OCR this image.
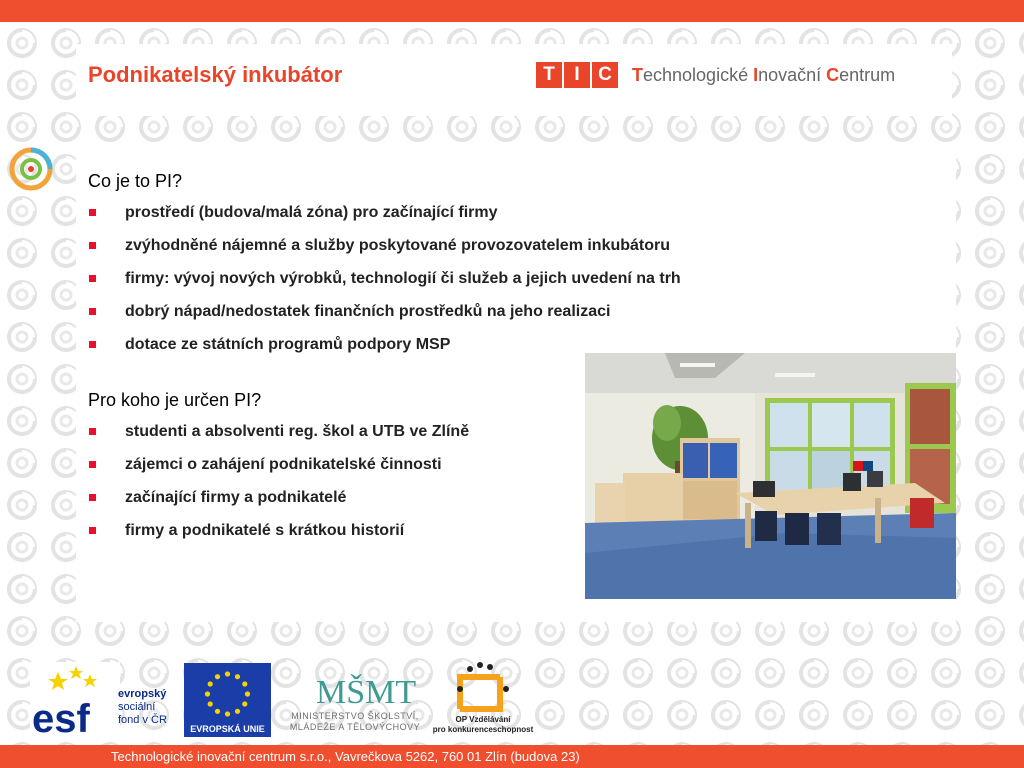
Podnikatelský inkubátor	T	I C	Technologické Inovační Centrum
Co je to PI?
prostředí (budova/malá zóna) pro začínající firmy
zvýhodněné nájemné a služby poskytované provozovatelem inkubátoru
firmy: vývoj nových výrobků, technologií či služeb a jejich uvedení na trh
dobrý nápad/nedostatek finančních prostředků na jeho realizaci
dotace ze státních programů podpory MSP
Pro koho je určen PI?
studenti a absolventi reg. škol a UTB ve Zlíně
zájemci o zahájení podnikatelské činnosti
začínající firmy a podnikatelé
firmy a podnikatelé s krátkou historií
esf
evropský
sociální
fond v ČR
EVROPSKÁ UNIE
MŠMT
MINISTERSTVO ŠKOLSTVÍ,
MLÁDEŽE A TĚLOVÝCHOVY
OP Vzdělávání
pro konkurenceschopnost
Technologické inovační centrum s.r.o., Vavrečkova 5262, 760 01 Zlín (budova 23)
